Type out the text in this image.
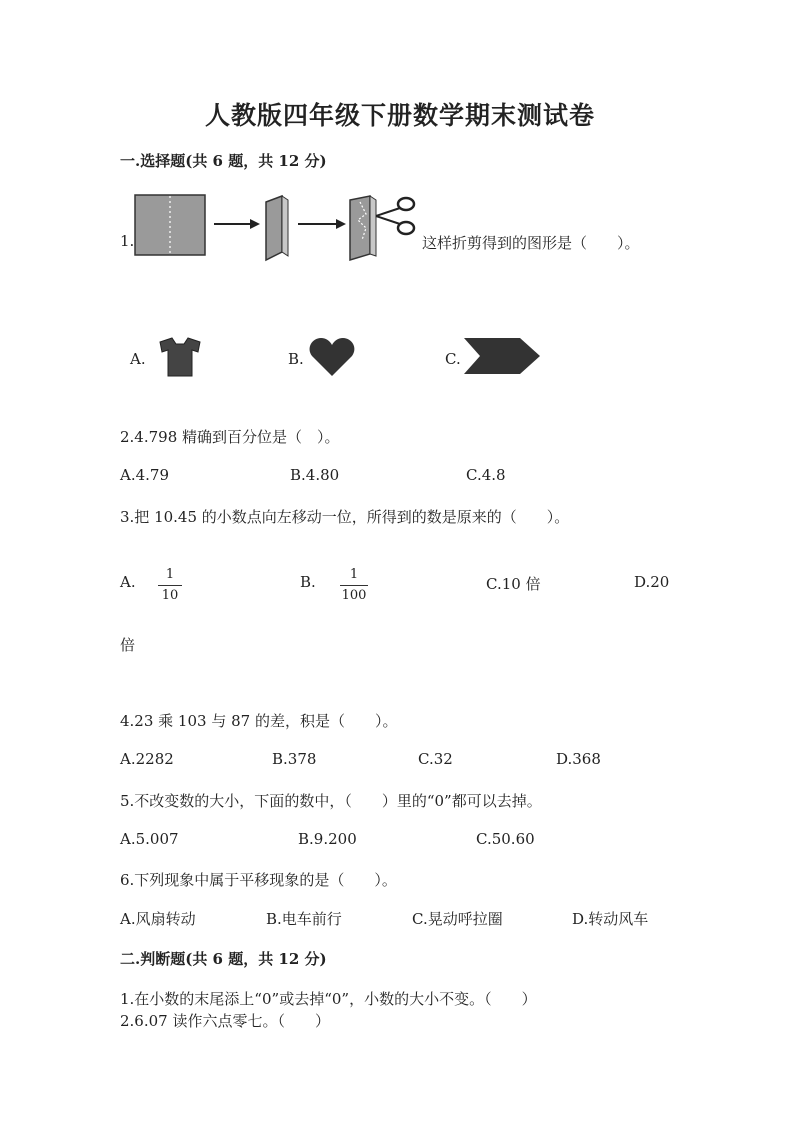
人教版四年级下册数学期末测试卷
一.选择题(共 6 题，共 12 分)
1.	这样折剪得到的图形是（　　）。
A.	B.	C.
2.4.798 精确到百分位是（　）。
A.4.79	B.4.80	C.4.8
3.把 10.45 的小数点向左移动一位，所得到的数是原来的（　　）。
A.	1
10
B.	1
100
C.10 倍	D.20
倍
4.23 乘 103 与 87 的差，积是（　　）。
A.2282	B.378	C.32	D.368
5.不改变数的大小，下面的数中，（　　）里的“0”都可以去掉。
A.5.007	B.9.200	C.50.60
6.下列现象中属于平移现象的是（　　）。
A.风扇转动	B.电车前行	C.晃动呼拉圈	D.转动风车
二.判断题(共 6 题，共 12 分)
1.在小数的末尾添上“0”或去掉“0”，小数的大小不变。（　　）
2.6.07 读作六点零七。（　　）
